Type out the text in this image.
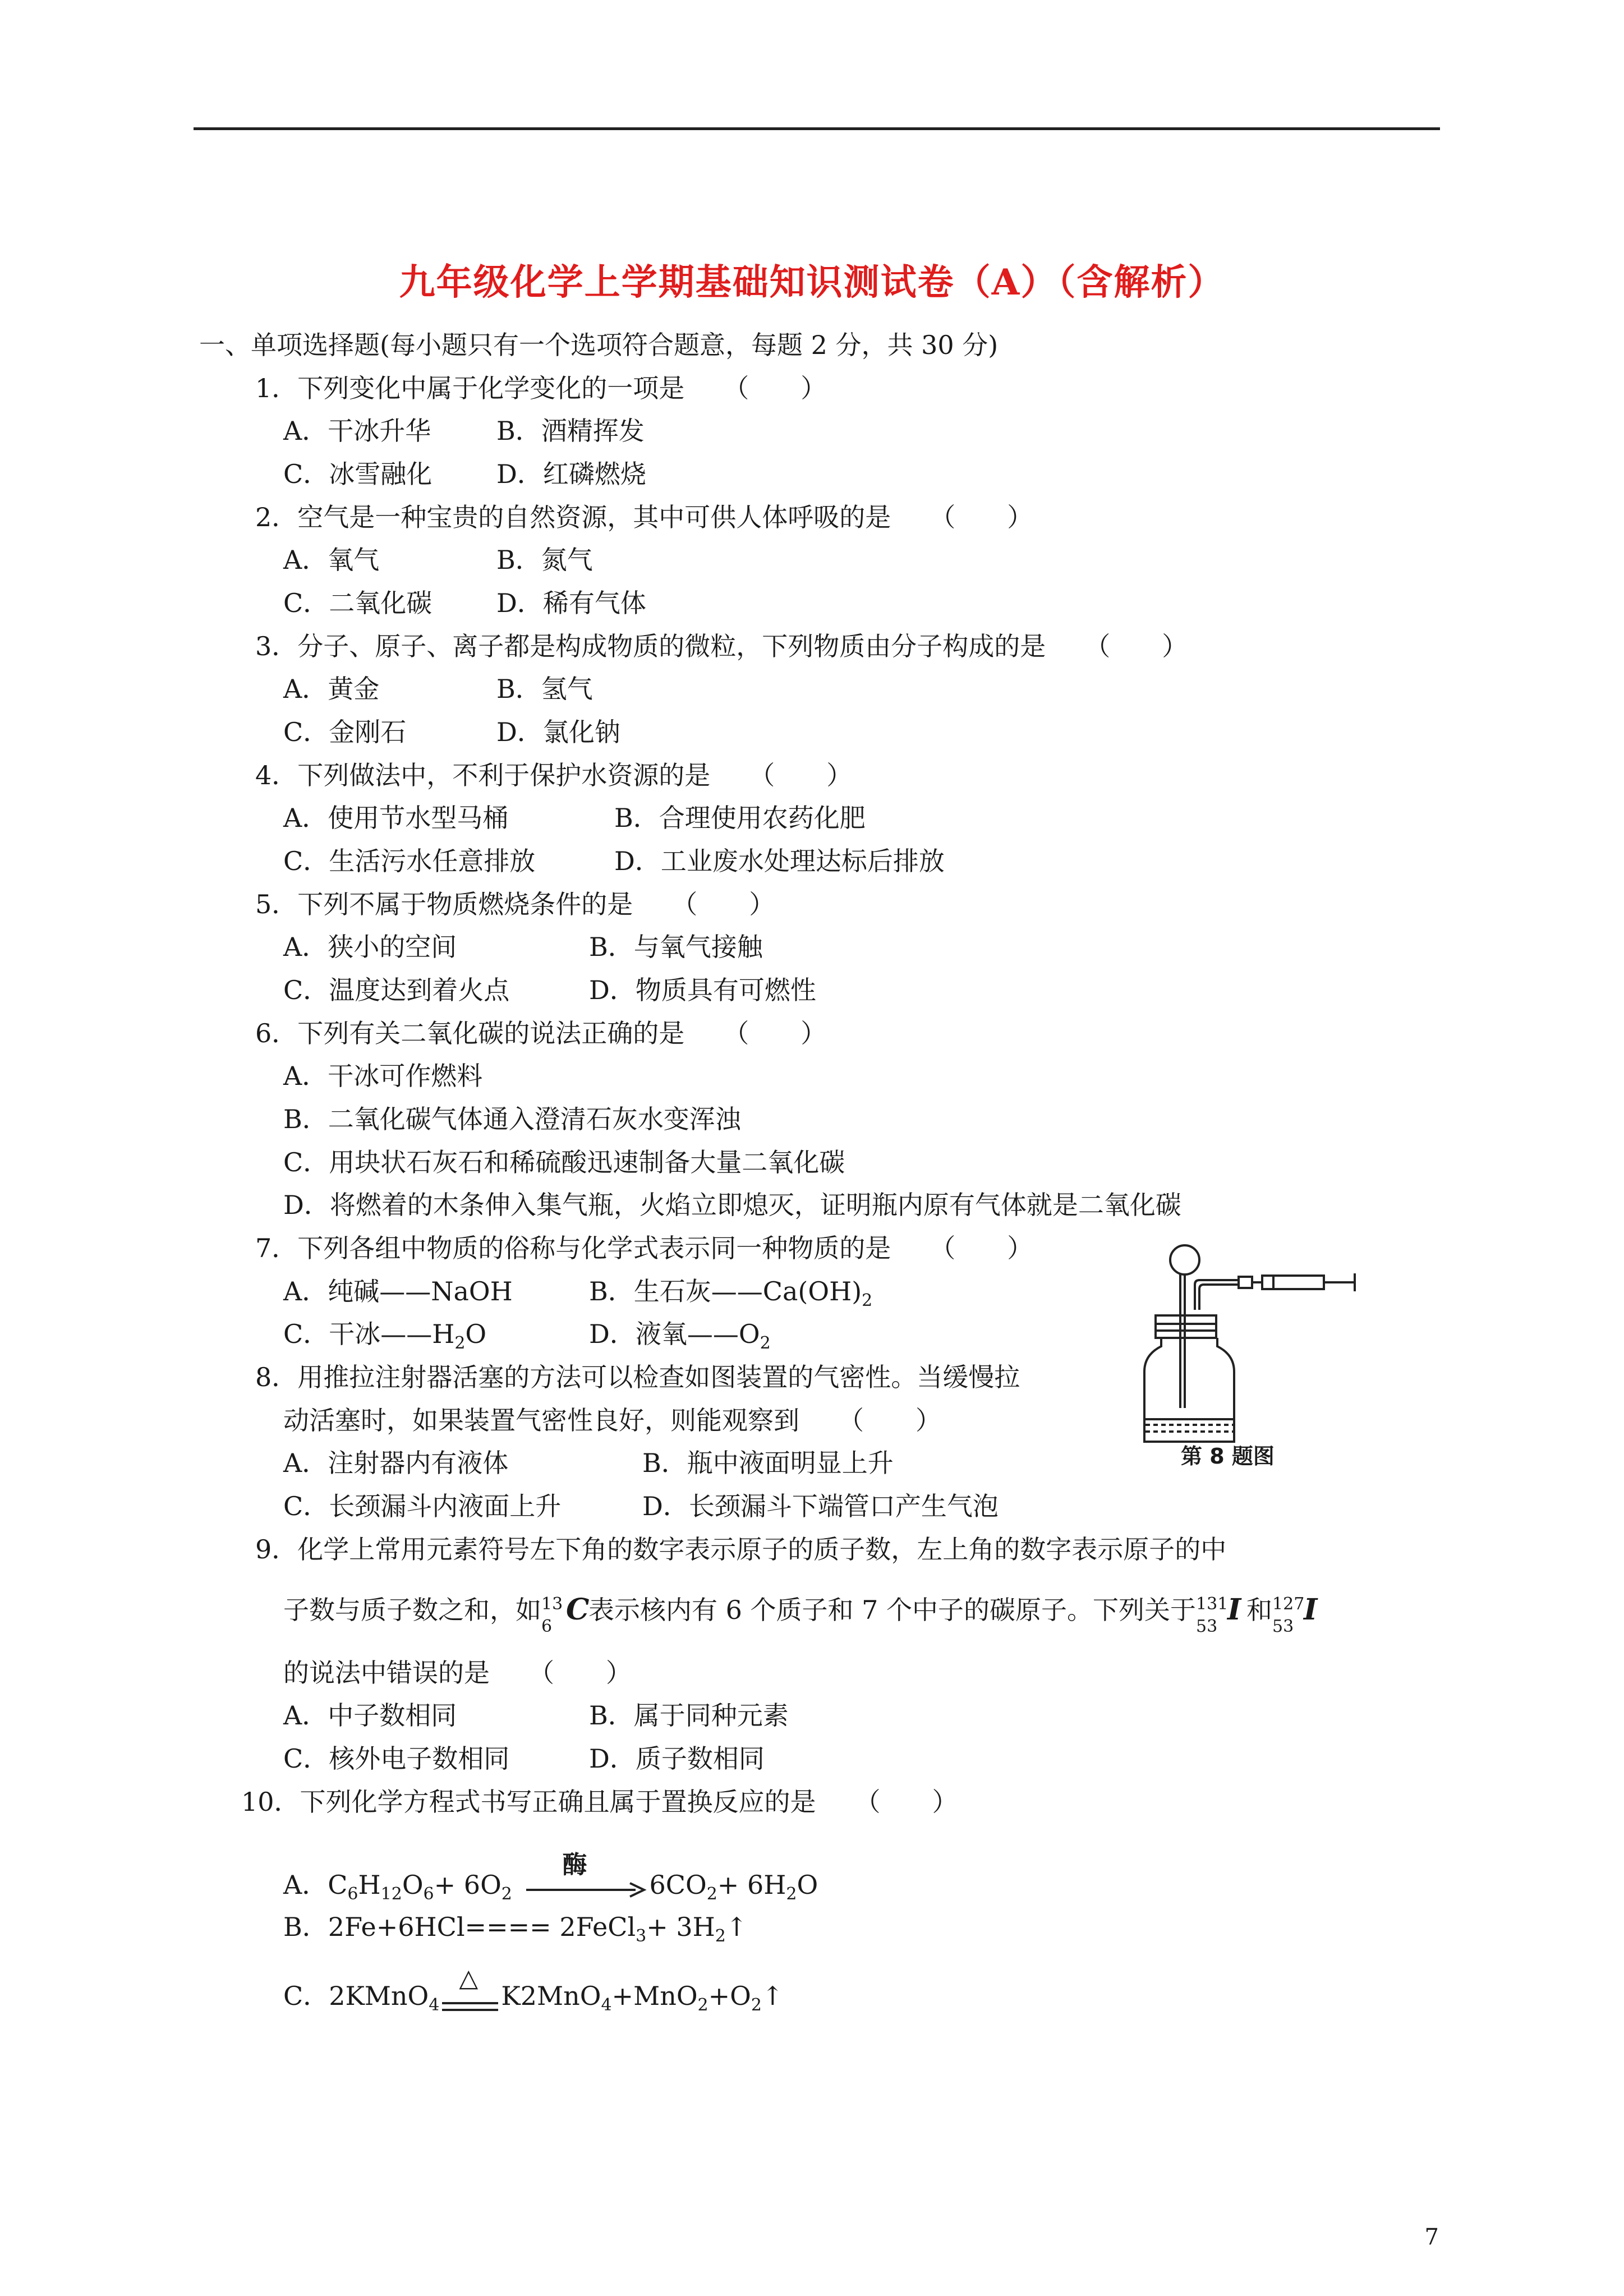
九年级化学上学期基础知识测试卷（A）（含解析）
一、单项选择题(每小题只有一个选项符合题意，每题 2 分，共 30 分)
1．下列变化中属于化学变化的一项是　　（　　）
A．干冰升华	B．酒精挥发
C．冰雪融化 D．红磷燃烧
2．空气是一种宝贵的自然资源，其中可供人体呼吸的是　　（　　）
A．氧气	B．氮气
C．二氧化碳 D．稀有气体
3．分子、原子、离子都是构成物质的微粒，下列物质由分子构成的是　　（　　）
A．黄金	B．氢气
C．金刚石	D．氯化钠
4．下列做法中，不利于保护水资源的是　　（　　）
A．使用节水型马桶	B．合理使用农药化肥
C．生活污水任意排放	D．工业废水处理达标后排放
5．下列不属于物质燃烧条件的是　　（　　）
A．狭小的空间	B．与氧气接触
C．温度达到着火点	D．物质具有可燃性
6．下列有关二氧化碳的说法正确的是　　（　　）
A．干冰可作燃料
B．二氧化碳气体通入澄清石灰水变浑浊
C．用块状石灰石和稀硫酸迅速制备大量二氧化碳
D．将燃着的木条伸入集气瓶，火焰立即熄灭，证明瓶内原有气体就是二氧化碳
7．下列各组中物质的俗称与化学式表示同一种物质的是　　（　　）
A．纯碱——NaOH	B．生石灰$——Ca(OH)_2$
C．干冰$——H_2O$	D．液氧$——O_2$
8．用推拉注射器活塞的方法可以检查如图装置的气密性。当缓慢拉
动活塞时，如果装置气密性良好，则能观察到　　（　　）
A．注射器内有液体	B．瓶中液面明显上升
C．长颈漏斗内液面上升	D．长颈漏斗下端管口产生气泡
第 8 题图
9．化学上常用元素符号左下角的数字表示原子的质子数，左上角的数字表示原子的中
子数与质子数之和，如 13
6 C
表示核内有 6 个质子和 7 个中子的碳原子。下列关于 131
53 I 和 127
53 I
的说法中错误的是　　（　　）
A．中子数相同	B．属于同种元素
C．核外电子数相同	D．质子数相同
10．下列化学方程式书写正确且属于置换反应的是　　（　　）
A．$C_6H_{12}O_6+ 6O_2$
酶
$6CO_2+ 6H_2O$
B．2Fe+6HCl==== 2FeCl$_3$+ $3H_2↑$
C．2KMnO$_4$
△
$K2MnO_4+MnO_2+O_2↑$
7
